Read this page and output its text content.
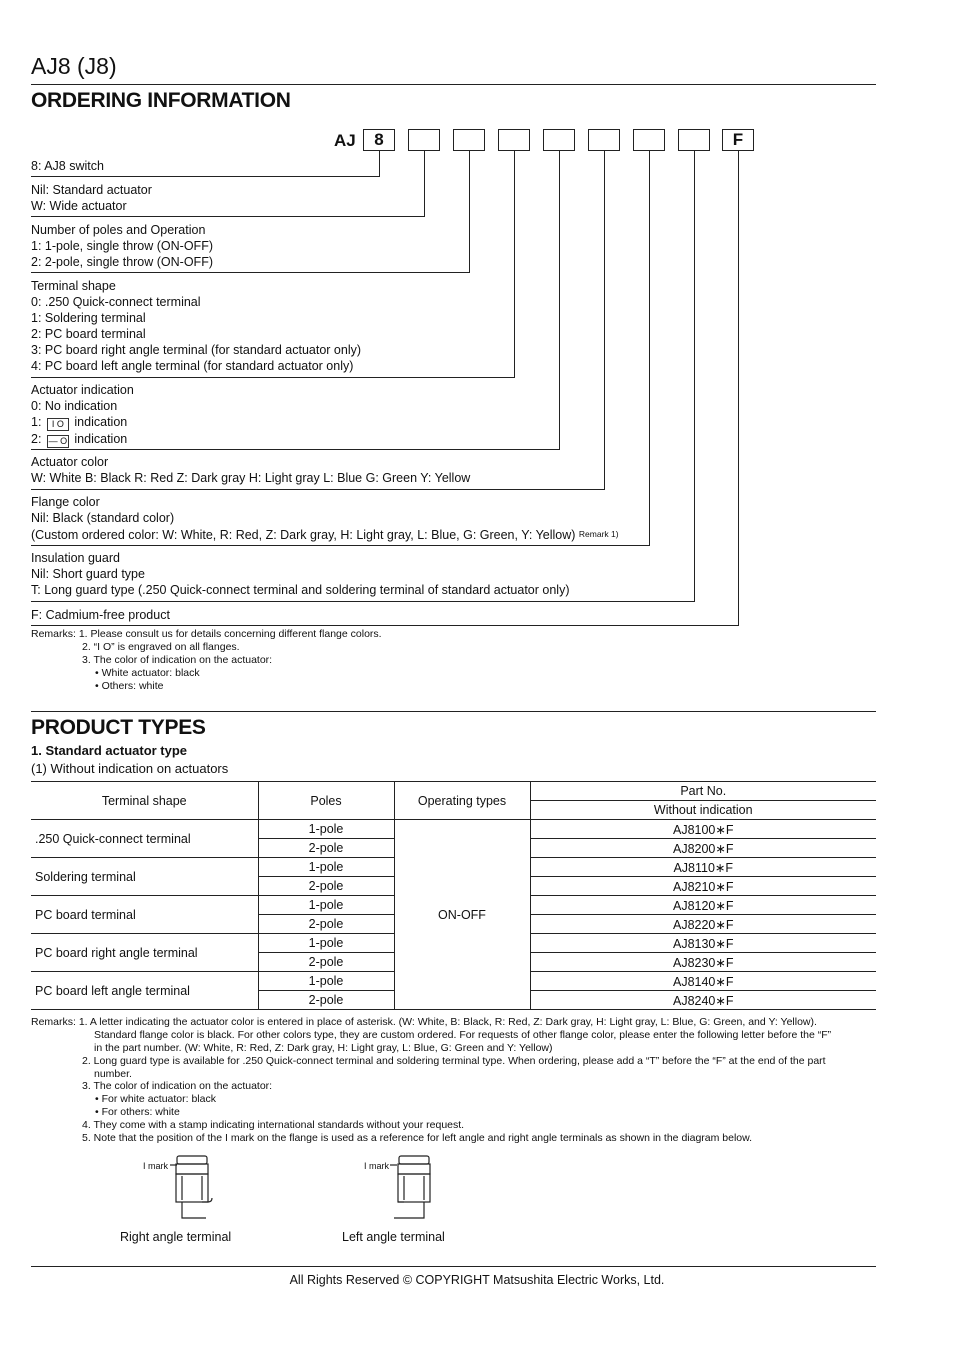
AJ8 (J8)
ORDERING INFORMATION
AJ	8	F
8: AJ8 switch
Nil: Standard actuator
W: Wide actuator
Number of poles and Operation
1: 1-pole, single throw (ON-OFF)
2: 2-pole, single throw (ON-OFF)
Terminal shape
0: .250 Quick-connect terminal
1: Soldering terminal
2: PC board terminal
3: PC board right angle terminal (for standard actuator only)
4: PC board left angle terminal (for standard actuator only)
Actuator indication
0: No indication
1: I O indication
2: — O indication
Actuator color
W: White B: Black R: Red Z: Dark gray H: Light gray L: Blue G: Green Y: Yellow
Flange color
Nil: Black (standard color)
(Custom ordered color: W: White, R: Red, Z: Dark gray, H: Light gray, L: Blue, G: Green, Y: Yellow) Remark 1)
Insulation guard
Nil: Short guard type
T: Long guard type (.250 Quick-connect terminal and soldering terminal of standard actuator only)
F: Cadmium-free product
Remarks: 1. Please consult us for details concerning different flange colors.
2. “I O” is engraved on all flanges.
3. The color of indication on the actuator:
• White actuator: black
• Others: white
PRODUCT TYPES
1. Standard actuator type
(1) Without indication on actuators
Terminal shape	Poles	Operating types	Part No.
			Without indication
.250 Quick-connect terminal	1-pole	ON-OFF	AJ8100∗F
	2-pole		AJ8200∗F
Soldering terminal	1-pole		AJ8110∗F
	2-pole		AJ8210∗F
PC board terminal	1-pole		AJ8120∗F
	2-pole		AJ8220∗F
PC board right angle terminal	1-pole		AJ8130∗F
	2-pole		AJ8230∗F
PC board left angle terminal	1-pole		AJ8140∗F
	2-pole		AJ8240∗F
Remarks: 1. A letter indicating the actuator color is entered in place of asterisk. (W: White, B: Black, R: Red, Z: Dark gray, H: Light gray, L: Blue, G: Green, and Y: Yellow).
Standard flange color is black. For other colors type, they are custom ordered. For requests of other flange color, please enter the following letter before the “F”
in the part number. (W: White, R: Red, Z: Dark gray, H: Light gray, L: Blue, G: Green and Y: Yellow)
2. Long guard type is available for .250 Quick-connect terminal and soldering terminal type. When ordering, please add a “T” before the “F” at the end of the part
number.
3. The color of indication on the actuator:
• For white actuator: black
• For others: white
4. They come with a stamp indicating international standards without your request.
5. Note that the position of the I mark on the flange is used as a reference for left angle and right angle terminals as shown in the diagram below.
I mark
Right angle terminal
I mark
Left angle terminal
All Rights Reserved © COPYRIGHT Matsushita Electric Works, Ltd.
